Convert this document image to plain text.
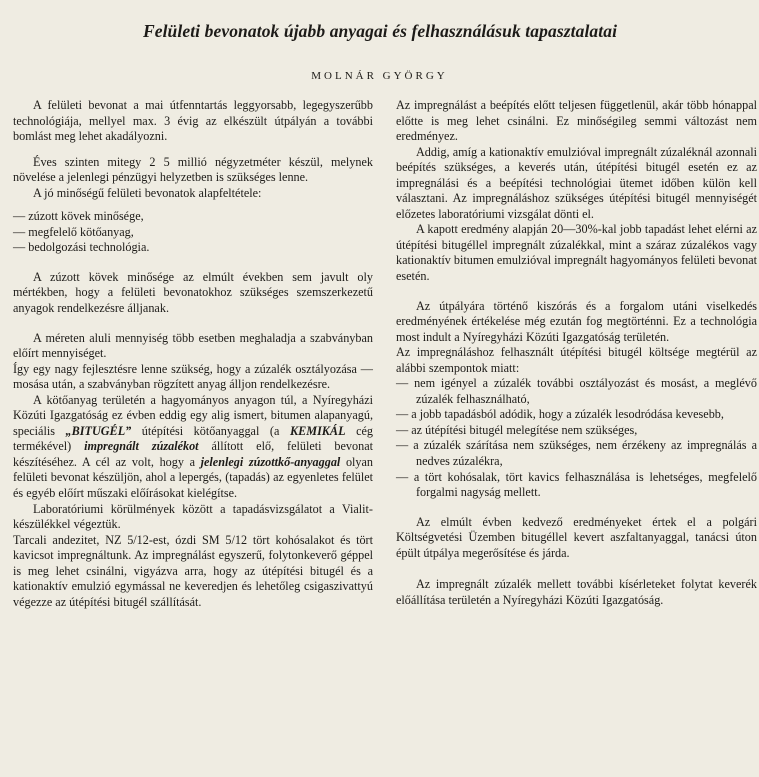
Felületi bevonatok újabb anyagai és felhasználásuk tapasztalatai
MOLNÁR GYÖRGY

A felületi bevonat a mai útfenntartás leggyorsabb, legegyszerűbb technológiája, mellyel max. 3 évig az elkészült útpályán a további bomlást meg lehet akadályozni.

Éves szinten mitegy 2 5 millió négyzetméter készül, melynek növelése a jelenlegi pénzügyi helyzetben is szükséges lenne.

A jó minőségű felületi bevonatok alapfeltétele:

— zúzott kövek minősége,
— megfelelő kötőanyag,
— bedolgozási technológia.

A zúzott kövek minősége az elmúlt években sem javult oly mértékben, hogy a felületi bevonatokhoz szükséges szemszerkezetű anyagok rendelkezésre álljanak.

A méreten aluli mennyiség több esetben meghaladja a szabványban előírt mennyiséget.

Így egy nagy fejlesztésre lenne szükség, hogy a zúzalék osztályozása — mosása után, a szabványban rögzített anyag álljon rendelkezésre.

A kötőanyag területén a hagyományos anyagon túl, a Nyíregyházi Közúti Igazgatóság ez évben eddig egy alig ismert, bitumen alapanyagú, speciális „BITUGÉL” útépítési kötőanyaggal (a KEMIKÁL cég termékével) impregnált zúzalékot állított elő, felületi bevonat készítéséhez. A cél az volt, hogy a jelenlegi zúzottkő-anyaggal olyan felületi bevonat készüljön, ahol a lepergés, (tapadás) az egyenletes felület és egyéb előírt műszaki előírásokat kielégítse.

Laboratóriumi körülmények között a tapadásvizsgálatot a Vialit-készülékkel végeztük.

Tarcali andezitet, NZ 5/12-est, ózdi SM 5/12 tört kohósalakot és tört kavicsot impregnáltunk. Az impregnálást egyszerű, folytonkeverő géppel is meg lehet csinálni, vigyázva arra, hogy az útépítési bitugél és a kationaktív emulzió egymással ne keveredjen és lehetőleg csigaszivattyú végezze az útépítési bitugél szállítását.

Az impregnálást a beépítés előtt teljesen függetlenül, akár több hónappal előtte is meg lehet csinálni. Ez minőségileg semmi változást nem eredményez.

Addig, amíg a kationaktív emulzióval impregnált zúzaléknál azonnali beépítés szükséges, a keverés után, útépítési bitugél esetén ez az impregnálási és a beépítési technológiai ütemet időben külön kell választani. Az impregnáláshoz szükséges útépítési bitugél mennyiségét előzetes laboratóriumi vizsgálat dönti el.

A kapott eredmény alapján 20—30%-kal jobb tapadást lehet elérni az útépítési bitugéllel impregnált zúzalékkal, mint a száraz zúzalékos vagy kationaktív bitumen emulzióval impregnált hagyományos felületi bevonat esetén.

Az útpályára történő kiszórás és a forgalom utáni viselkedés eredményének értékelése még ezután fog megtörténni. Ez a technológia most indult a Nyíregyházi Közúti Igazgatóság területén.

Az impregnáláshoz felhasznált útépítési bitugél költsége megtérül az alábbi szempontok miatt:

— nem igényel a zúzalék további osztályozást és mosást, a meglévő zúzalék felhasználható,
— a jobb tapadásból adódik, hogy a zúzalék lesodródása kevesebb,
— az útépítési bitugél melegítése nem szükséges,
— a zúzalék szárítása nem szükséges, nem érzékeny az impregnálás a nedves zúzalékra,
— a tört kohósalak, tört kavics felhasználása is lehetséges, megfelelő forgalmi nagyság mellett.

Az elmúlt évben kedvező eredményeket értek el a polgári Költségvetési Üzemben bitugéllel kevert aszfaltanyaggal, tanácsi úton épült útpálya megerősítése és járda.

Az impregnált zúzalék mellett további kísérleteket folytat keverék előállítása területén a Nyíregyházi Közúti Igazgatóság.
